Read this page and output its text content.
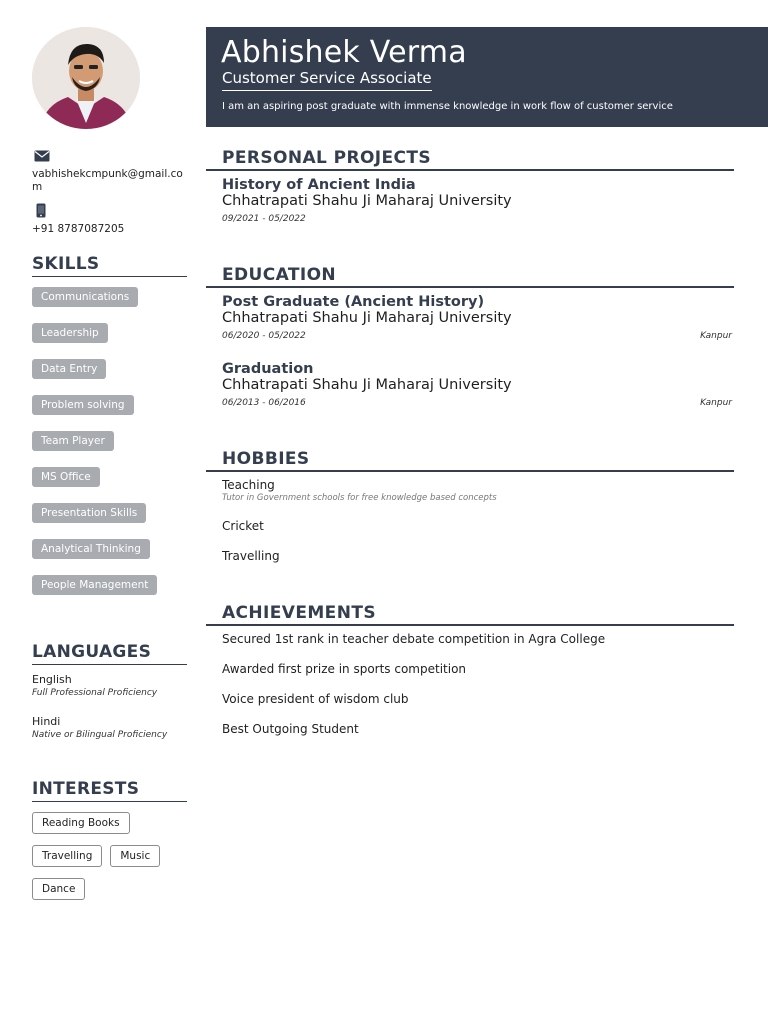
Abhishek Verma
Customer Service Associate
I am an aspiring post graduate with immense knowledge in work flow of customer service
vabhishekcmpunk@gmail.com
+91 8787087205
SKILLS
Communications
Leadership
Data Entry
Problem solving
Team Player
MS Office
Presentation Skills
Analytical Thinking
People Management
LANGUAGES
English
Full Professional Proficiency
Hindi
Native or Bilingual Proficiency
INTERESTS
Reading Books
Travelling	Music
Dance
PERSONAL PROJECTS
History of Ancient India
Chhatrapati Shahu Ji Maharaj University
09/2021 - 05/2022
EDUCATION
Post Graduate (Ancient History)
Chhatrapati Shahu Ji Maharaj University
06/2020 - 05/2022	Kanpur
Graduation
Chhatrapati Shahu Ji Maharaj University
06/2013 - 06/2016	Kanpur
HOBBIES
Teaching
Tutor in Government schools for free knowledge based concepts
Cricket
Travelling
ACHIEVEMENTS
Secured 1st rank in teacher debate competition in Agra College
Awarded first prize in sports competition
Voice president of wisdom club
Best Outgoing Student
